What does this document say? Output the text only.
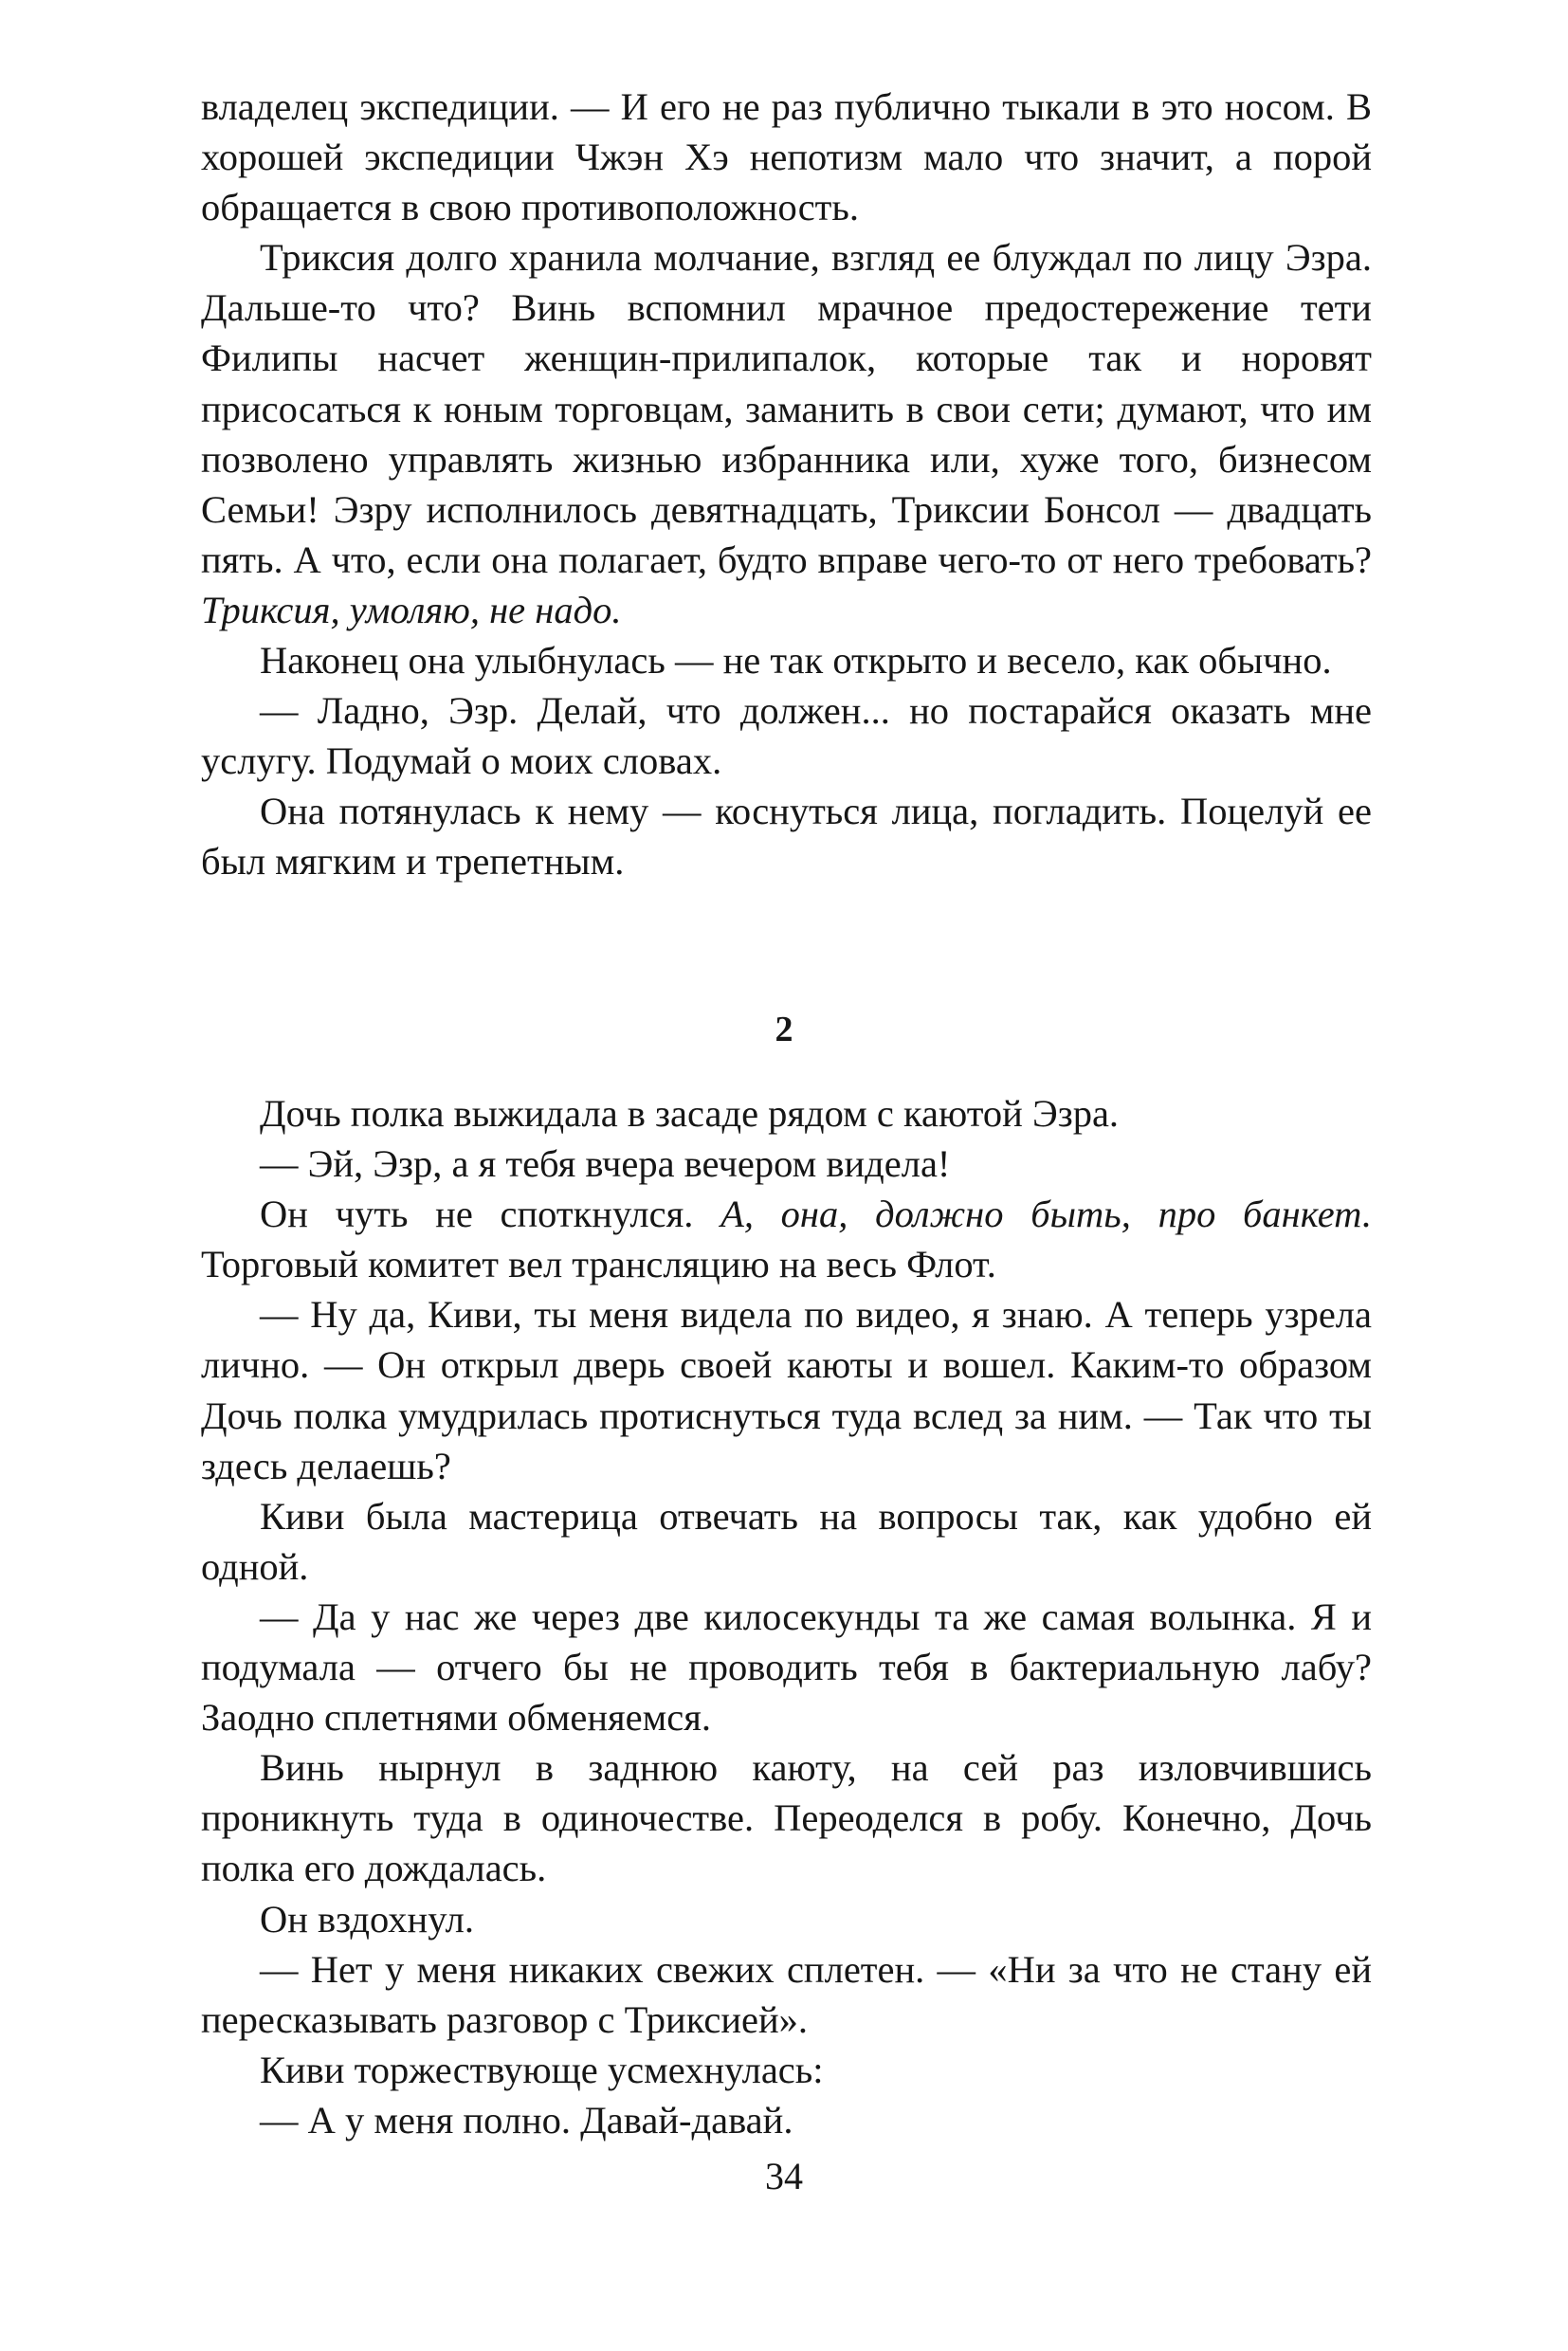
владелец экспедиции. — И его не раз публично тыкали в это носом. В хорошей экспедиции Чжэн Хэ непотизм мало что значит, а порой обращается в свою противоположность.

Триксия долго хранила молчание, взгляд ее блуждал по лицу Эзра. Дальше-то что? Винь вспомнил мрачное предостережение тети Филипы насчет женщин-прилипалок, которые так и норовят присосаться к юным торговцам, заманить в свои сети; думают, что им позволено управлять жизнью избранника или, хуже того, бизнесом Семьи! Эзру исполнилось девятнадцать, Триксии Бонсол — двадцать пять. А что, если она полагает, будто вправе чего-то от него требовать? Триксия, умоляю, не надо.

Наконец она улыбнулась — не так открыто и весело, как обычно.

— Ладно, Эзр. Делай, что должен... но постарайся оказать мне услугу. Подумай о моих словах.

Она потянулась к нему — коснуться лица, погладить. Поцелуй ее был мягким и трепетным.

2

Дочь полка выжидала в засаде рядом с каютой Эзра.

— Эй, Эзр, а я тебя вчера вечером видела!

Он чуть не споткнулся. А, она, должно быть, про банкет. Торговый комитет вел трансляцию на весь Флот.

— Ну да, Киви, ты меня видела по видео, я знаю. А теперь узрела лично. — Он открыл дверь своей каюты и вошел. Каким-то образом Дочь полка умудрилась протиснуться туда вслед за ним. — Так что ты здесь делаешь?

Киви была мастерица отвечать на вопросы так, как удобно ей одной.

— Да у нас же через две килосекунды та же самая волынка. Я и подумала — отчего бы не проводить тебя в бактериальную лабу? Заодно сплетнями обменяемся.

Винь нырнул в заднюю каюту, на сей раз изловчившись проникнуть туда в одиночестве. Переоделся в робу. Конечно, Дочь полка его дождалась.

Он вздохнул.

— Нет у меня никаких свежих сплетен. — «Ни за что не стану ей пересказывать разговор с Триксией».

Киви торжествующе усмехнулась:

— А у меня полно. Давай-давай.

34
